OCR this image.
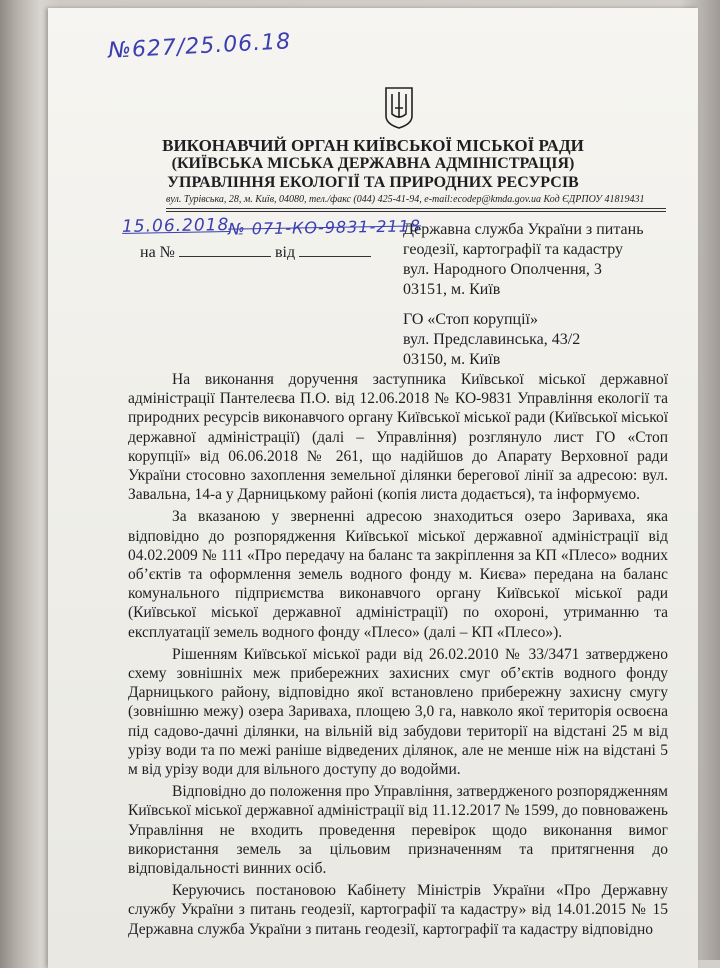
№627/25.06.18
ВИКОНАВЧИЙ ОРГАН КИЇВСЬКОЇ МІСЬКОЇ РАДИ
(КИЇВСЬКА МІСЬКА ДЕРЖАВНА АДМІНІСТРАЦІЯ)
УПРАВЛІННЯ ЕКОЛОГІЇ ТА ПРИРОДНИХ РЕСУРСІВ
вул. Турівська, 28, м. Київ, 04080, тел./факс (044) 425-41-94, e-mail:ecodep@kmda.gov.ua Код ЄДРПОУ 41819431
15.06.2018
№ 071-КО-9831-2118
на №	від
Державна служба України з питань
геодезії, картографії та кадастру
вул. Народного Ополчення, 3
03151, м. Київ
ГО «Стоп корупції»
вул. Предславинська, 43/2
03150, м. Київ

На виконання доручення заступника Київської міської державної адміністрації Пантелеєва П.О. від 12.06.2018 № КО-9831 Управління екології та природних ресурсів виконавчого органу Київської міської ради (Київської міської державної адміністрації) (далі – Управління) розглянуло лист ГО «Стоп корупції» від 06.06.2018 № 261, що надійшов до Апарату Верховної ради України стосовно захоплення земельної ділянки берегової лінії за адресою: вул. Завальна, 14-а у Дарницькому районі (копія листа додається), та інформуємо.

За вказаною у зверненні адресою знаходиться озеро Зариваха, яка відповідно до розпорядження Київської міської державної адміністрації від 04.02.2009 № 111 «Про передачу на баланс та закріплення за КП «Плесо» водних об’єктів та оформлення земель водного фонду м. Києва» передана на баланс комунального підприємства виконавчого органу Київської міської ради (Київської міської державної адміністрації) по охороні, утриманню та експлуатації земель водного фонду «Плесо» (далі – КП «Плесо»).

Рішенням Київської міської ради від 26.02.2010 № 33/3471 затверджено схему зовнішніх меж прибережних захисних смуг об’єктів водного фонду Дарницького району, відповідно якої встановлено прибережну захисну смугу (зовнішню межу) озера Зариваха, площею 3,0 га, навколо якої територія освоєна під садово-дачні ділянки, на вільній від забудови території на відстані 25 м від урізу води та по межі раніше відведених ділянок, але не менше ніж на відстані 5 м від урізу води для вільного доступу до водойми.

Відповідно до положення про Управління, затвердженого розпорядженням Київської міської державної адміністрації від 11.12.2017 № 1599, до повноважень Управління не входить проведення перевірок щодо виконання вимог використання земель за цільовим призначенням та притягнення до відповідальності винних осіб.

Керуючись постановою Кабінету Міністрів України «Про Державну службу України з питань геодезії, картографії та кадастру» від 14.01.2015 № 15 Державна служба України з питань геодезії, картографії та кадастру відповідно
